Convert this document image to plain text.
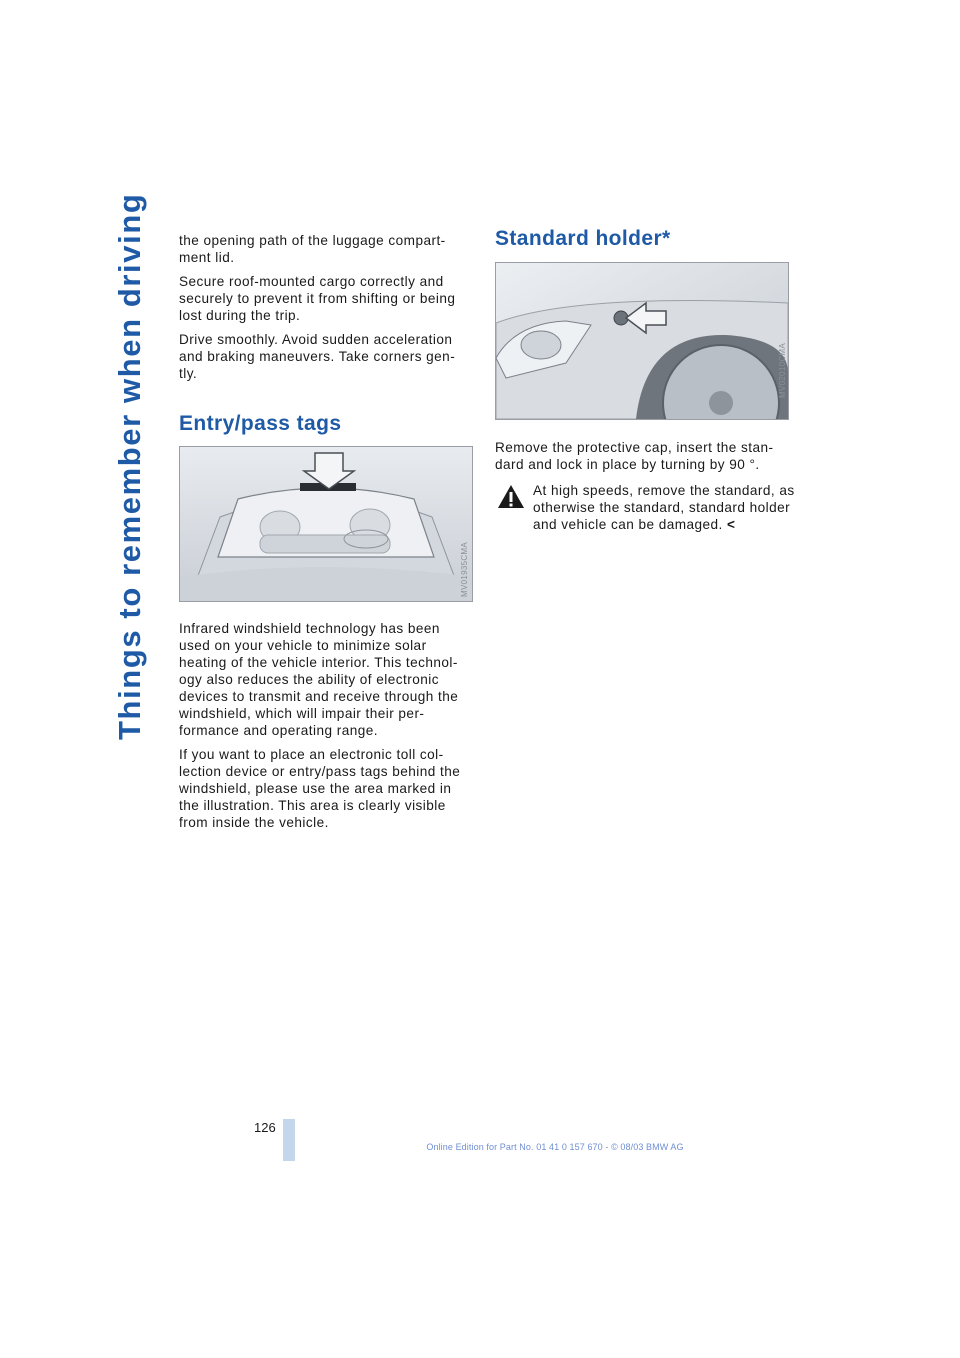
Things to remember when driving the opening path of the luggage compart-ment lid.

Secure roof-mounted cargo correctly and securely to prevent it from shifting or being lost during the trip.

Drive smoothly. Avoid sudden acceleration and braking maneuvers. Take corners gen-tly.

Entry/pass tags
MV01935CMA

Infrared windshield technology has been used on your vehicle to minimize solar heating of the vehicle interior. This technol-ogy also reduces the ability of electronic devices to transmit and receive through the windshield, which will impair their per-formance and operating range.

If you want to place an electronic toll col-lection device or entry/pass tags behind the windshield, please use the area marked in the illustration. This area is clearly visible from inside the vehicle.

Standard holder*
MV02010CMA

Remove the protective cap, insert the stan-dard and lock in place by turning by 90 °.

At high speeds, remove the standard, as otherwise the standard, standard holder and vehicle can be damaged. <
126
Online Edition for Part No. 01 41 0 157 670 - © 08/03 BMW AG
